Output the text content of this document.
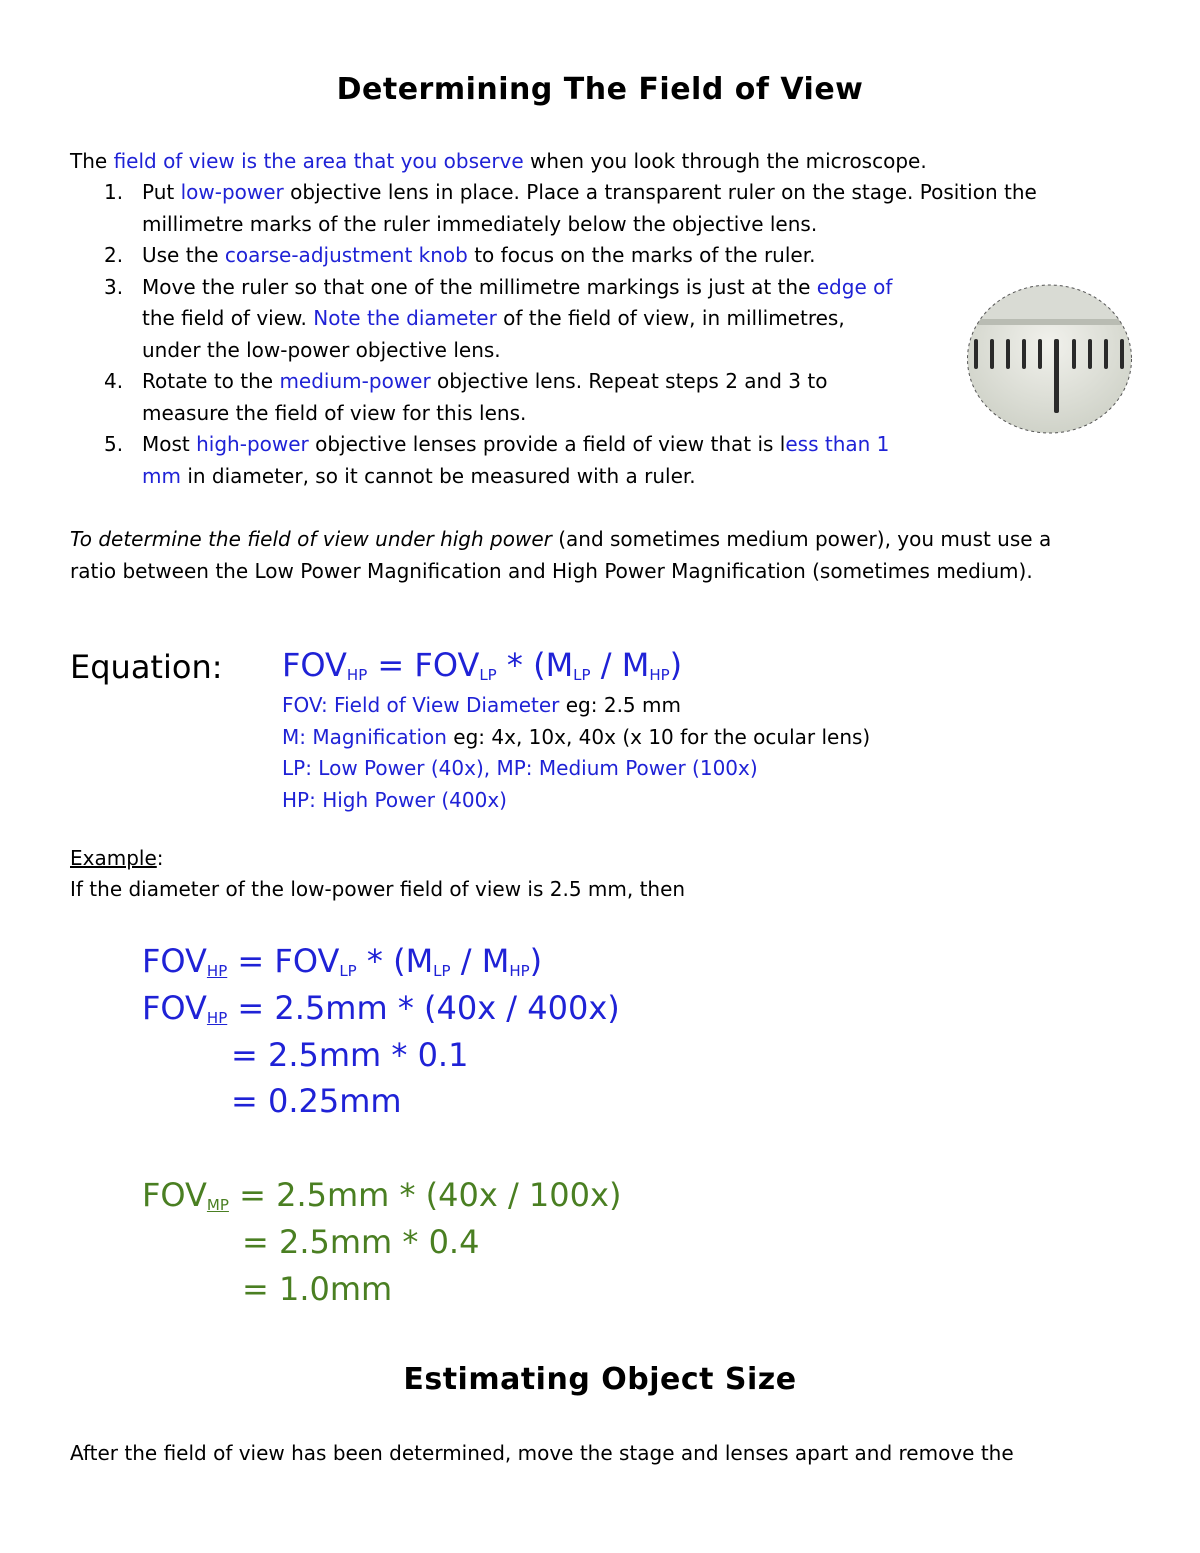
Determining The Field of View
The field of view is the area that you observe when you look through the microscope.
1. Put low-power objective lens in place. Place a transparent ruler on the stage. Position the
millimetre marks of the ruler immediately below the objective lens.
2. Use the coarse-adjustment knob to focus on the marks of the ruler.
3. Move the ruler so that one of the millimetre markings is just at the edge of
the field of view. Note the diameter of the field of view, in millimetres,
under the low-power objective lens.
4. Rotate to the medium-power objective lens. Repeat steps 2 and 3 to
measure the field of view for this lens.
5. Most high-power objective lenses provide a field of view that is less than 1
mm in diameter, so it cannot be measured with a ruler.
To determine the field of view under high power (and sometimes medium power), you must use a
ratio between the Low Power Magnification and High Power Magnification (sometimes medium).
Equation: $FOV_{HP} = FOV_{LP} * (M_{LP} / M_{HP})$
FOV: Field of View Diameter eg: 2.5 mm
M: Magnification eg: 4x, 10x, 40x (x 10 for the ocular lens)
LP: Low Power (40x), MP: Medium Power (100x)
HP: High Power (400x)
Example:
If the diameter of the low-power field of view is 2.5 mm, then
$FOV_{HP} = FOV_{LP} * (M_{LP} / M_{HP})$
$FOV_{HP} = 2.5mm * (40x / 400x)$
= 2.5mm * 0.1
= 0.25mm
$FOV_{MP} = 2.5mm * (40x / 100x)$
= 2.5mm * 0.4
= 1.0mm
Estimating Object Size
After the field of view has been determined, move the stage and lenses apart and remove the
